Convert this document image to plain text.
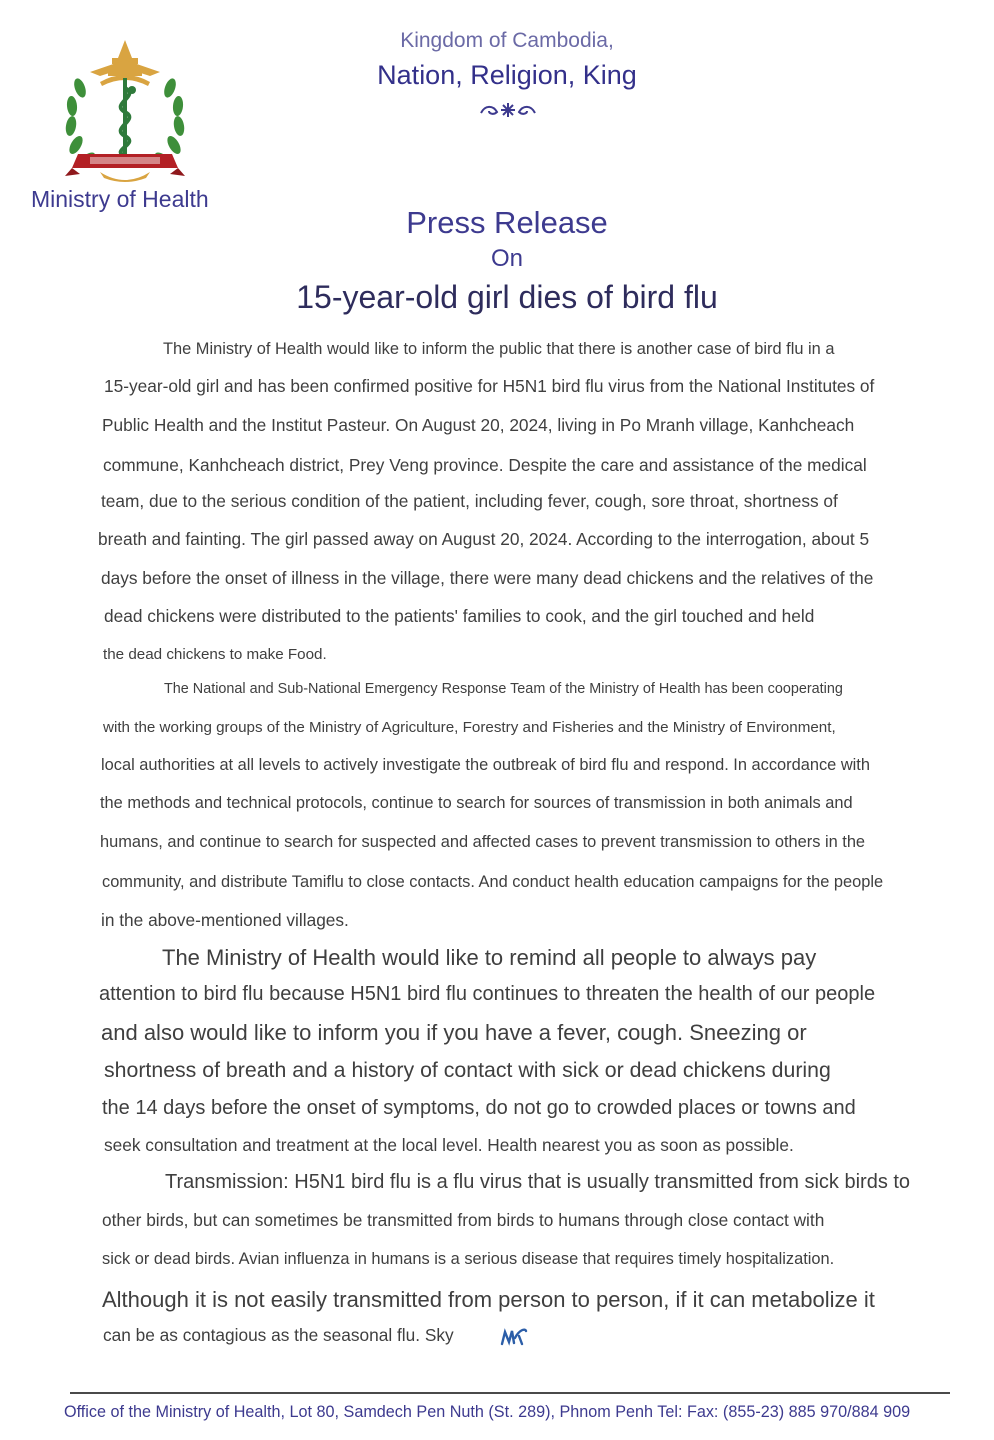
Ministry of Health
Kingdom of Cambodia,
Nation, Religion, King
Press Release
On
15-year-old girl dies of bird flu
The Ministry of Health would like to inform the public that there is another case of bird flu in a
15-year-old girl and has been confirmed positive for H5N1 bird flu virus from the National Institutes of
Public Health and the Institut Pasteur. On August 20, 2024, living in Po Mranh village, Kanhcheach
commune, Kanhcheach district, Prey Veng province. Despite the care and assistance of the medical
team, due to the serious condition of the patient, including fever, cough, sore throat, shortness of
breath and fainting. The girl passed away on August 20, 2024. According to the interrogation, about 5
days before the onset of illness in the village, there were many dead chickens and the relatives of the
dead chickens were distributed to the patients' families to cook, and the girl touched and held
the dead chickens to make Food.
The National and Sub-National Emergency Response Team of the Ministry of Health has been cooperating
with the working groups of the Ministry of Agriculture, Forestry and Fisheries and the Ministry of Environment,
local authorities at all levels to actively investigate the outbreak of bird flu and respond. In accordance with
the methods and technical protocols, continue to search for sources of transmission in both animals and
humans, and continue to search for suspected and affected cases to prevent transmission to others in the
community, and distribute Tamiflu to close contacts. And conduct health education campaigns for the people
in the above-mentioned villages.
The Ministry of Health would like to remind all people to always pay
attention to bird flu because H5N1 bird flu continues to threaten the health of our people
and also would like to inform you if you have a fever, cough. Sneezing or
shortness of breath and a history of contact with sick or dead chickens during
the 14 days before the onset of symptoms, do not go to crowded places or towns and
seek consultation and treatment at the local level. Health nearest you as soon as possible.
Transmission: H5N1 bird flu is a flu virus that is usually transmitted from sick birds to
other birds, but can sometimes be transmitted from birds to humans through close contact with
sick or dead birds. Avian influenza in humans is a serious disease that requires timely hospitalization.
Although it is not easily transmitted from person to person, if it can metabolize it
can be as contagious as the seasonal flu. Sky
Office of the Ministry of Health, Lot 80, Samdech Pen Nuth (St. 289), Phnom Penh Tel: Fax: (855-23) 885 970/884 909
